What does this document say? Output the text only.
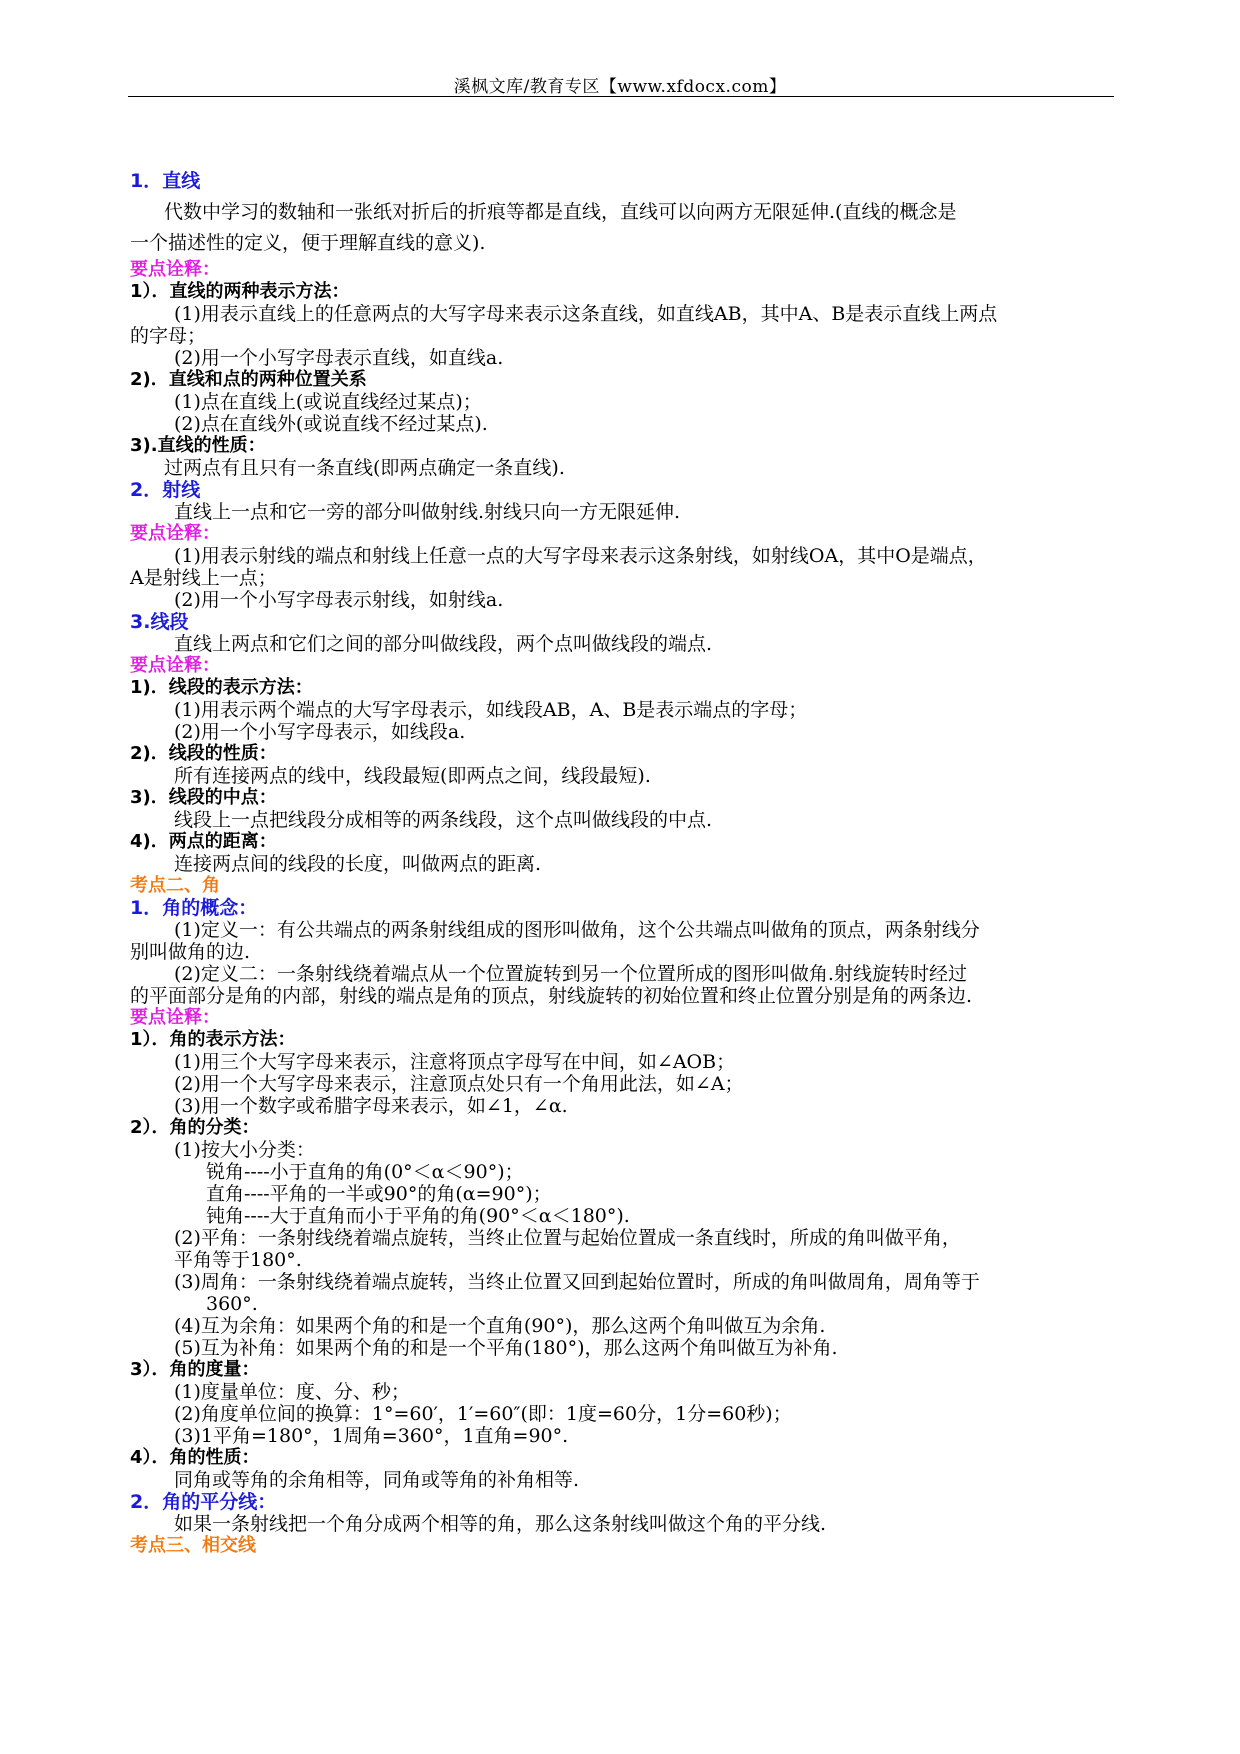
溪枫文库/教育专区【www.xfdocx.com】
1．直线
代数中学习的数轴和一张纸对折后的折痕等都是直线，直线可以向两方无限延伸.(直线的概念是
一个描述性的定义，便于理解直线的意义).
要点诠释：
1）．直线的两种表示方法：
(1)用表示直线上的任意两点的大写字母来表示这条直线，如直线AB，其中A、B是表示直线上两点
的字母；
(2)用一个小写字母表示直线，如直线a.
2)．直线和点的两种位置关系
(1)点在直线上(或说直线经过某点)；
(2)点在直线外(或说直线不经过某点).
3).直线的性质：
过两点有且只有一条直线(即两点确定一条直线).
2．射线
直线上一点和它一旁的部分叫做射线.射线只向一方无限延伸.
要点诠释：
(1)用表示射线的端点和射线上任意一点的大写字母来表示这条射线，如射线OA，其中O是端点，
A是射线上一点；
(2)用一个小写字母表示射线，如射线a.
3.线段
直线上两点和它们之间的部分叫做线段，两个点叫做线段的端点.
要点诠释：
1)．线段的表示方法：
(1)用表示两个端点的大写字母表示，如线段AB，A、B是表示端点的字母；
(2)用一个小写字母表示，如线段a.
2)．线段的性质：
所有连接两点的线中，线段最短(即两点之间，线段最短).
3)．线段的中点：
线段上一点把线段分成相等的两条线段，这个点叫做线段的中点.
4)．两点的距离：
连接两点间的线段的长度，叫做两点的距离.
考点二、角
1．角的概念：
(1)定义一：有公共端点的两条射线组成的图形叫做角，这个公共端点叫做角的顶点，两条射线分
别叫做角的边.
(2)定义二：一条射线绕着端点从一个位置旋转到另一个位置所成的图形叫做角.射线旋转时经过
的平面部分是角的内部，射线的端点是角的顶点，射线旋转的初始位置和终止位置分别是角的两条边.
要点诠释：
1）．角的表示方法：
(1)用三个大写字母来表示，注意将顶点字母写在中间，如∠AOB；
(2)用一个大写字母来表示，注意顶点处只有一个角用此法，如∠A；
(3)用一个数字或希腊字母来表示，如∠1，∠α.
2）．角的分类：
(1)按大小分类：
锐角----小于直角的角(0°＜α＜90°)；
直角----平角的一半或90°的角(α=90°)；
钝角----大于直角而小于平角的角(90°＜α＜180°).
(2)平角：一条射线绕着端点旋转，当终止位置与起始位置成一条直线时，所成的角叫做平角，
平角等于180°.
(3)周角：一条射线绕着端点旋转，当终止位置又回到起始位置时，所成的角叫做周角，周角等于
360°.
(4)互为余角：如果两个角的和是一个直角(90°)，那么这两个角叫做互为余角.
(5)互为补角：如果两个角的和是一个平角(180°)，那么这两个角叫做互为补角.
3）．角的度量：
(1)度量单位：度、分、秒；
(2)角度单位间的换算：1°=60′，1′=60″(即：1度=60分，1分=60秒)；
(3)1平角=180°，1周角=360°，1直角=90°.
4）．角的性质：
同角或等角的余角相等，同角或等角的补角相等.
2．角的平分线：
如果一条射线把一个角分成两个相等的角，那么这条射线叫做这个角的平分线.
考点三、相交线
